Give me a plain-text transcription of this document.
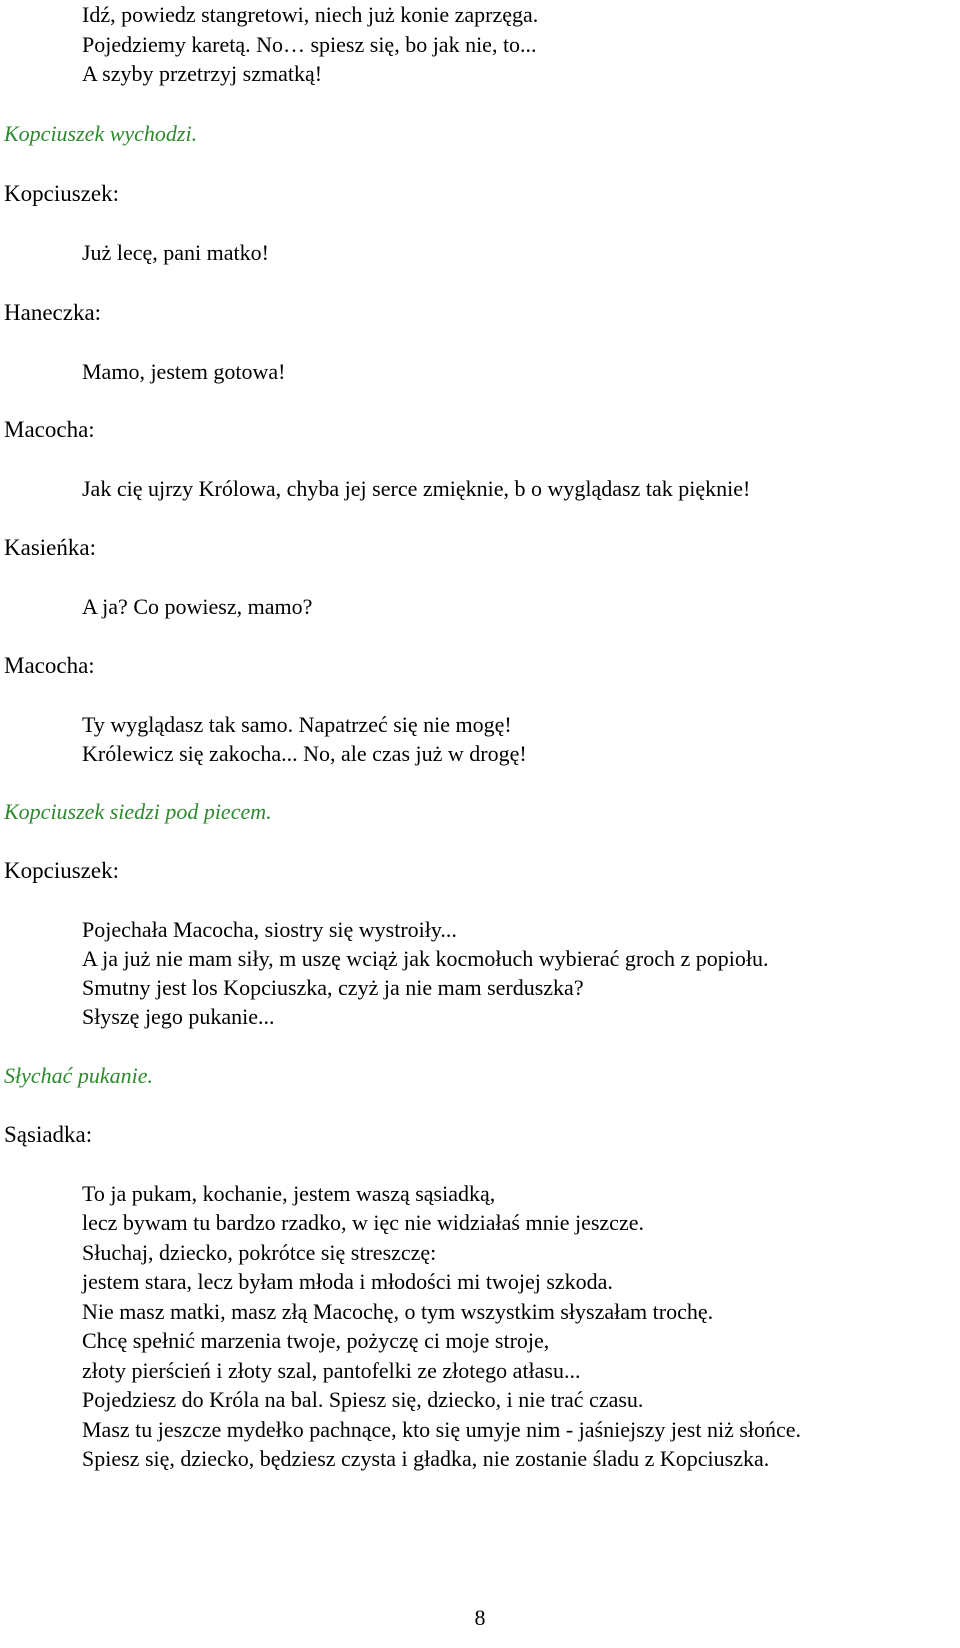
Idź, powiedz stangretowi, niech już konie zaprzęga.
Pojedziemy karetą. No… spiesz się, bo jak nie, to...
A szyby przetrzyj szmatką!
Kopciuszek wychodzi.
Kopciuszek:
Już lecę, pani matko!
Haneczka:
Mamo, jestem gotowa!
Macocha:
Jak cię ujrzy Królowa, chyba jej serce zmięknie, b o wyglądasz tak pięknie!
Kasieńka:
A ja? Co powiesz, mamo?
Macocha:
Ty wyglądasz tak samo. Napatrzeć się nie mogę!
Królewicz się zakocha... No, ale czas już w drogę!
Kopciuszek siedzi pod piecem.
Kopciuszek:
Pojechała Macocha, siostry się wystroiły...
A ja już nie mam siły, m uszę wciąż jak kocmołuch wybierać groch z popiołu.
Smutny jest los Kopciuszka, czyż ja nie mam serduszka?
Słyszę jego pukanie...
Słychać pukanie.
Sąsiadka:
To ja pukam, kochanie, jestem waszą sąsiadką,
lecz bywam tu bardzo rzadko, w ięc nie widziałaś mnie jeszcze.
Słuchaj, dziecko, pokrótce się streszczę:
jestem stara, lecz byłam młoda i młodości mi twojej szkoda.
Nie masz matki, masz złą Macochę, o tym wszystkim słyszałam trochę.
Chcę spełnić marzenia twoje, pożyczę ci moje stroje,
złoty pierścień i złoty szal, pantofelki ze złotego atłasu...
Pojedziesz do Króla na bal. Spiesz się, dziecko, i nie trać czasu.
Masz tu jeszcze mydełko pachnące, kto się umyje nim - jaśniejszy jest niż słońce.
Spiesz się, dziecko, będziesz czysta i gładka, nie zostanie śladu z Kopciuszka.
8
